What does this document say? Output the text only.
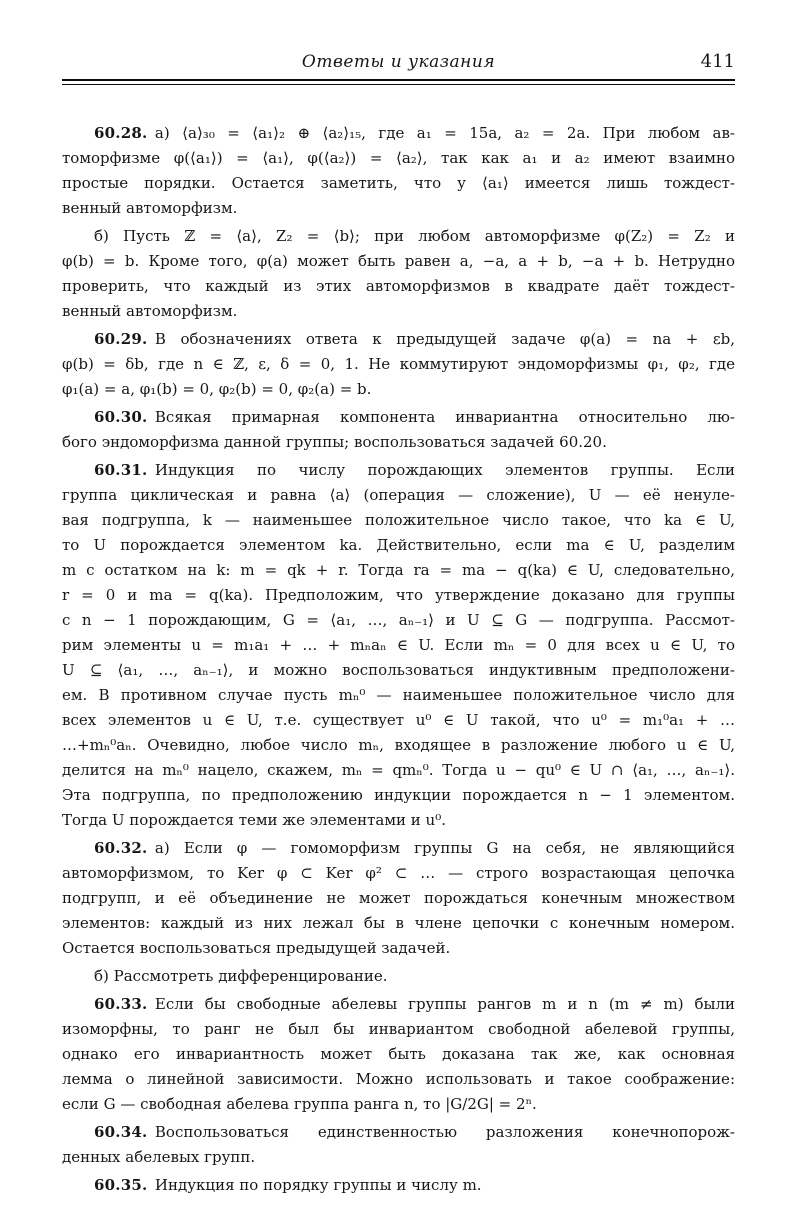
Ответы и указания	411
60.28. а) ⟨a⟩₃₀ = ⟨a₁⟩₂ ⊕ ⟨a₂⟩₁₅, где a₁ = 15a, a₂ = 2a. При любом ав-
томорфизме φ(⟨a₁⟩) = ⟨a₁⟩, φ(⟨a₂⟩) = ⟨a₂⟩, так как a₁ и a₂ имеют взаимно
простые порядки. Остается заметить, что у ⟨a₁⟩ имеется лишь тождест-
венный автоморфизм.
б) Пусть ℤ = ⟨a⟩, Z₂ = ⟨b⟩; при любом автоморфизме φ(Z₂) = Z₂ и
φ(b) = b. Кроме того, φ(a) может быть равен a, −a, a + b, −a + b. Нетрудно
проверить, что каждый из этих автоморфизмов в квадрате даёт тождест-
венный автоморфизм.
60.29. В обозначениях ответа к предыдущей задаче φ(a) = na + εb,
φ(b) = δb, где n ∈ ℤ, ε, δ = 0, 1. Не коммутируют эндоморфизмы φ₁, φ₂, где
φ₁(a) = a, φ₁(b) = 0, φ₂(b) = 0, φ₂(a) = b.
60.30. Всякая примарная компонента инвариантна относительно лю-
бого эндоморфизма данной группы; воспользоваться задачей 60.20.
60.31. Индукция по числу порождающих элементов группы. Если
группа циклическая и равна ⟨a⟩ (операция — сложение), U — её ненуле-
вая подгруппа, k — наименьшее положительное число такое, что ka ∈ U,
то U порождается элементом ka. Действительно, если ma ∈ U, разделим
m с остатком на k: m = qk + r. Тогда ra = ma − q(ka) ∈ U, следовательно,
r = 0 и ma = q(ka). Предположим, что утверждение доказано для группы
с n − 1 порождающим, G = ⟨a₁, …, aₙ₋₁⟩ и U ⊆ G — подгруппа. Рассмот-
рим элементы u = m₁a₁ + … + mₙaₙ ∈ U. Если mₙ = 0 для всех u ∈ U, то
U ⊆ ⟨a₁, …, aₙ₋₁⟩, и можно воспользоваться индуктивным предположени-
ем. В противном случае пусть mₙ⁰ — наименьшее положительное число для
всех элементов u ∈ U, т.е. существует u⁰ ∈ U такой, что u⁰ = m₁⁰a₁ + …
…+mₙ⁰aₙ. Очевидно, любое число mₙ, входящее в разложение любого u ∈ U,
делится на mₙ⁰ нацело, скажем, mₙ = qmₙ⁰. Тогда u − qu⁰ ∈ U ∩ ⟨a₁, …, aₙ₋₁⟩.
Эта подгруппа, по предположению индукции порождается n − 1 элементом.
Тогда U порождается теми же элементами и u⁰.
60.32. а) Если φ — гомоморфизм группы G на себя, не являющийся
автоморфизмом, то Ker φ ⊂ Ker φ² ⊂ … — строго возрастающая цепочка
подгрупп, и её объединение не может порождаться конечным множеством
элементов: каждый из них лежал бы в члене цепочки с конечным номером.
Остается воспользоваться предыдущей задачей.
б) Рассмотреть дифференцирование.
60.33. Если бы свободные абелевы группы рангов m и n (m ≠ m) были
изоморфны, то ранг не был бы инвариантом свободной абелевой группы,
однако его инвариантность может быть доказана так же, как основная
лемма о линейной зависимости. Можно использовать и такое соображение:
если G — свободная абелева группа ранга n, то |G/2G| = 2ⁿ.
60.34. Воспользоваться единственностью разложения конечнопорож-
денных абелевых групп.
60.35. Индукция по порядку группы и числу m.
